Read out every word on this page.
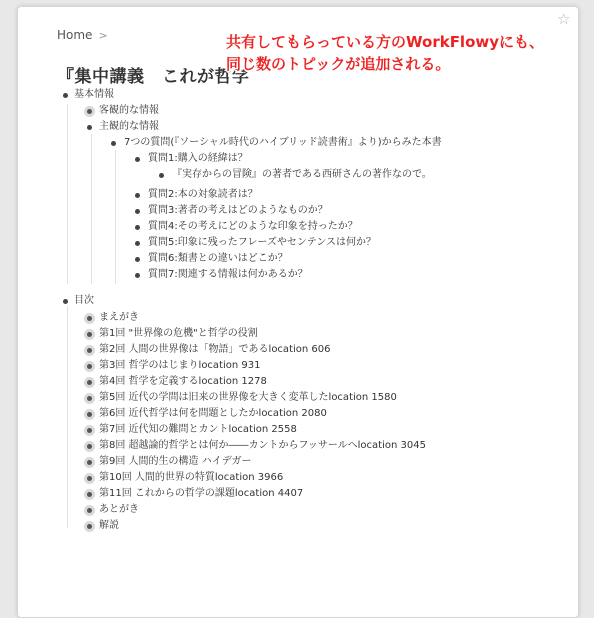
☆
Home >
『集中講義　これが哲学
基本情報
客観的な情報
主観的な情報
7つの質問(『ソーシャル時代のハイブリッド読書術』より)からみた本書
質問1:購入の経緯は？
『実存からの冒険』の著者である西研さんの著作なので。
質問2:本の対象読者は？
質問3:著者の考えはどのようなものか？
質問4:その考えにどのような印象を持ったか？
質問5:印象に残ったフレーズやセンテンスは何か？
質問6:類書との違いはどこか？
質問7:関連する情報は何かあるか？
目次
まえがき
第1回 "世界像の危機"と哲学の役割
第2回 人間の世界像は「物語」であるlocation 606
第3回 哲学のはじまりlocation 931
第4回 哲学を定義するlocation 1278
第5回 近代の学問は旧来の世界像を大きく変革したlocation 1580
第6回 近代哲学は何を問題としたかlocation 2080
第7回 近代知の難問とカントlocation 2558
第8回 超越論的哲学とは何か――カントからフッサールへlocation 3045
第9回 人間的生の構造 ハイデガー
第10回 人間的世界の特質location 3966
第11回 これからの哲学の課題location 4407
あとがき
解説
共有してもらっている方のWorkFlowyにも、
同じ数のトピックが追加される。
